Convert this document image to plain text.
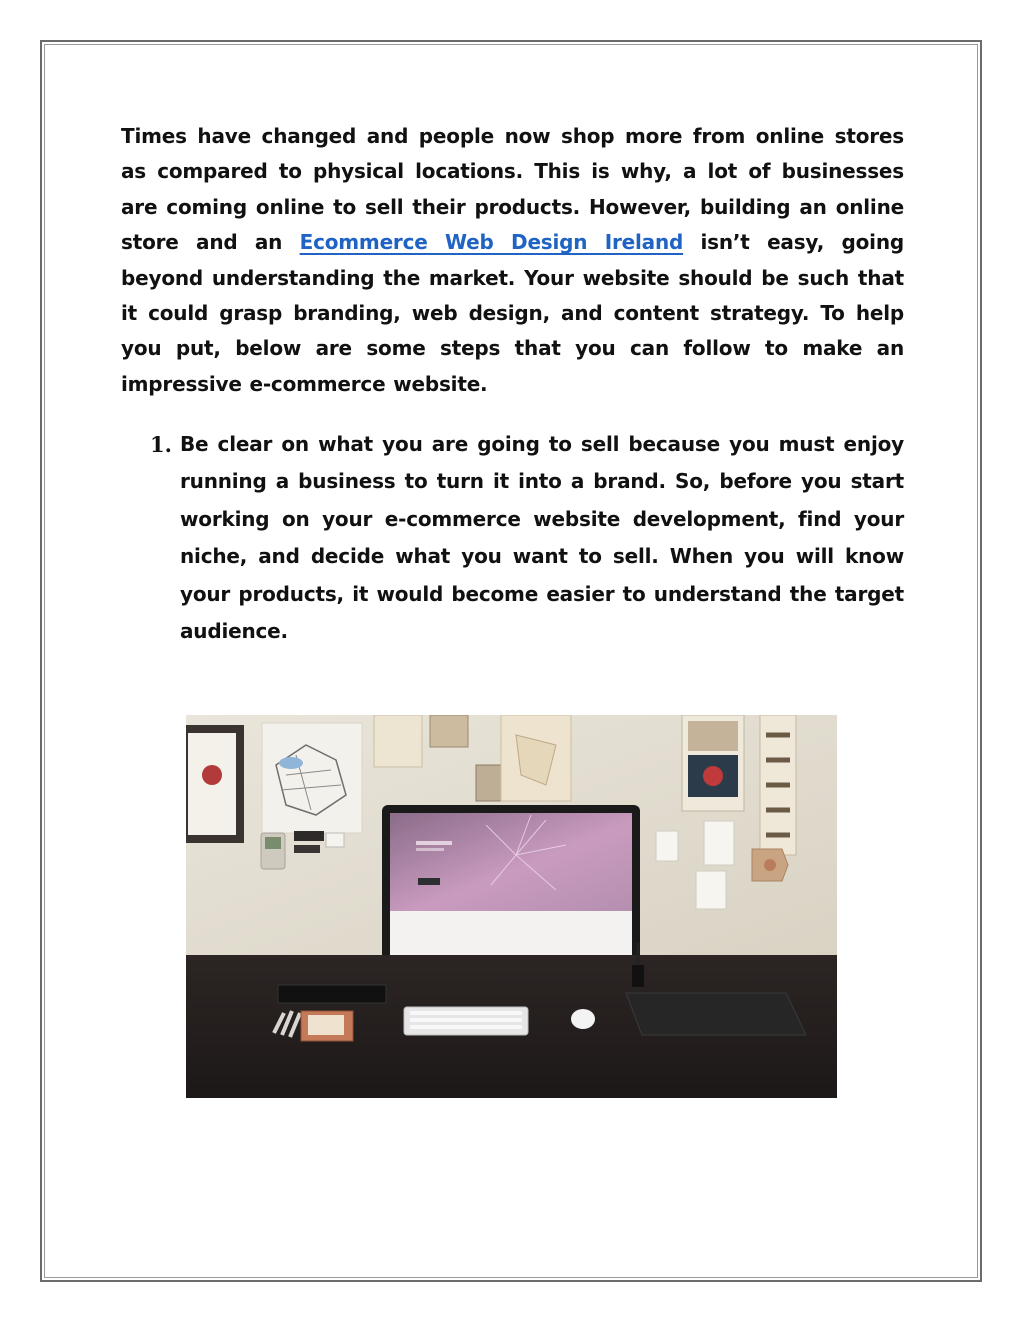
Times have changed and people now shop more from online stores as compared to physical locations. This is why, a lot of businesses are coming online to sell their products. However, building an online store and an Ecommerce Web Design Ireland isn’t easy, going beyond understanding the market. Your website should be such that it could grasp branding, web design, and content strategy. To help you put, below are some steps that you can follow to make an impressive e-commerce website.

1. Be clear on what you are going to sell because you must enjoy running a business to turn it into a brand. So, before you start working on your e-commerce website development, find your niche, and decide what you want to sell. When you will know your products, it would become easier to understand the target audience.
